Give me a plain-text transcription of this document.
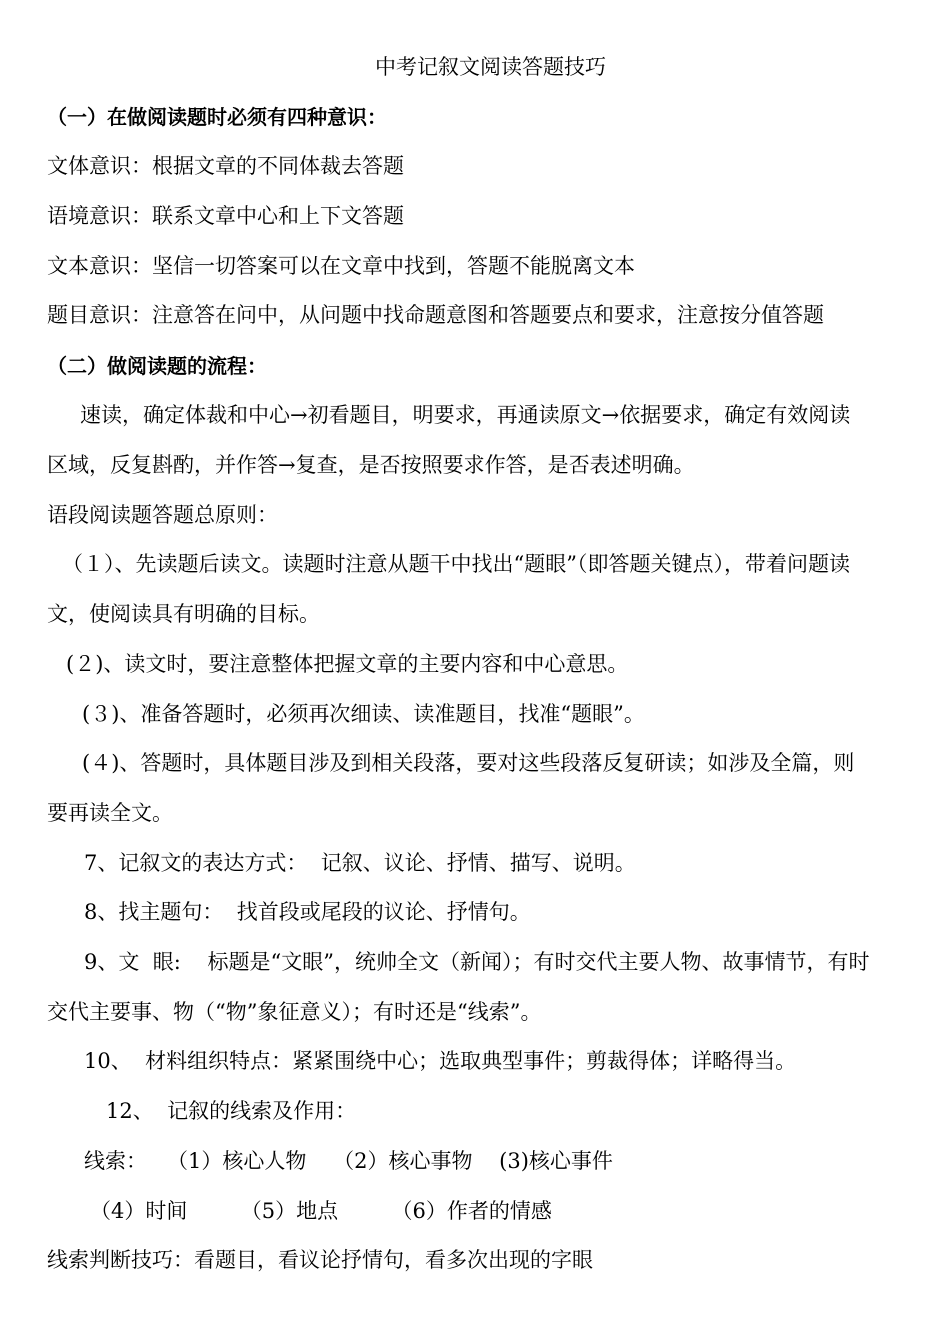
中考记叙文阅读答题技巧
（一）在做阅读题时必须有四种意识：
文体意识：根据文章的不同体裁去答题
语境意识：联系文章中心和上下文答题
文本意识：坚信一切答案可以在文章中找到，答题不能脱离文本
题目意识：注意答在问中，从问题中找命题意图和答题要点和要求，注意按分值答题
（二）做阅读题的流程：
速读，确定体裁和中心→初看题目，明要求，再通读原文→依据要求，确定有效阅读
区域，反复斟酌，并作答→复查，是否按照要求作答，是否表述明确。
语段阅读题答题总原则：
（１）、先读题后读文。读题时注意从题干中找出“题眼”（即答题关键点），带着问题读
文，使阅读具有明确的目标。
(２)、读文时，要注意整体把握文章的主要内容和中心意思。
(３)、准备答题时，必须再次细读、读准题目，找准“题眼”。
(４)、答题时，具体题目涉及到相关段落，要对这些段落反复研读；如涉及全篇，则
要再读全文。
7、记叙文的表达方式：  记叙、议论、抒情、描写、说明。
8、找主题句：  找首段或尾段的议论、抒情句。
9、文  眼:    标题是“文眼”，统帅全文（新闻）；有时交代主要人物、故事情节，有时
交代主要事、物（“物”象征意义）；有时还是“线索”。
10、  材料组织特点：紧紧围绕中心；选取典型事件；剪裁得体；详略得当。
12、  记叙的线索及作用：
线索：   （1）核心人物    （2）核心事物    (3)核心事件
（4）时间        （5）地点        （6）作者的情感
线索判断技巧：看题目，看议论抒情句，看多次出现的字眼
